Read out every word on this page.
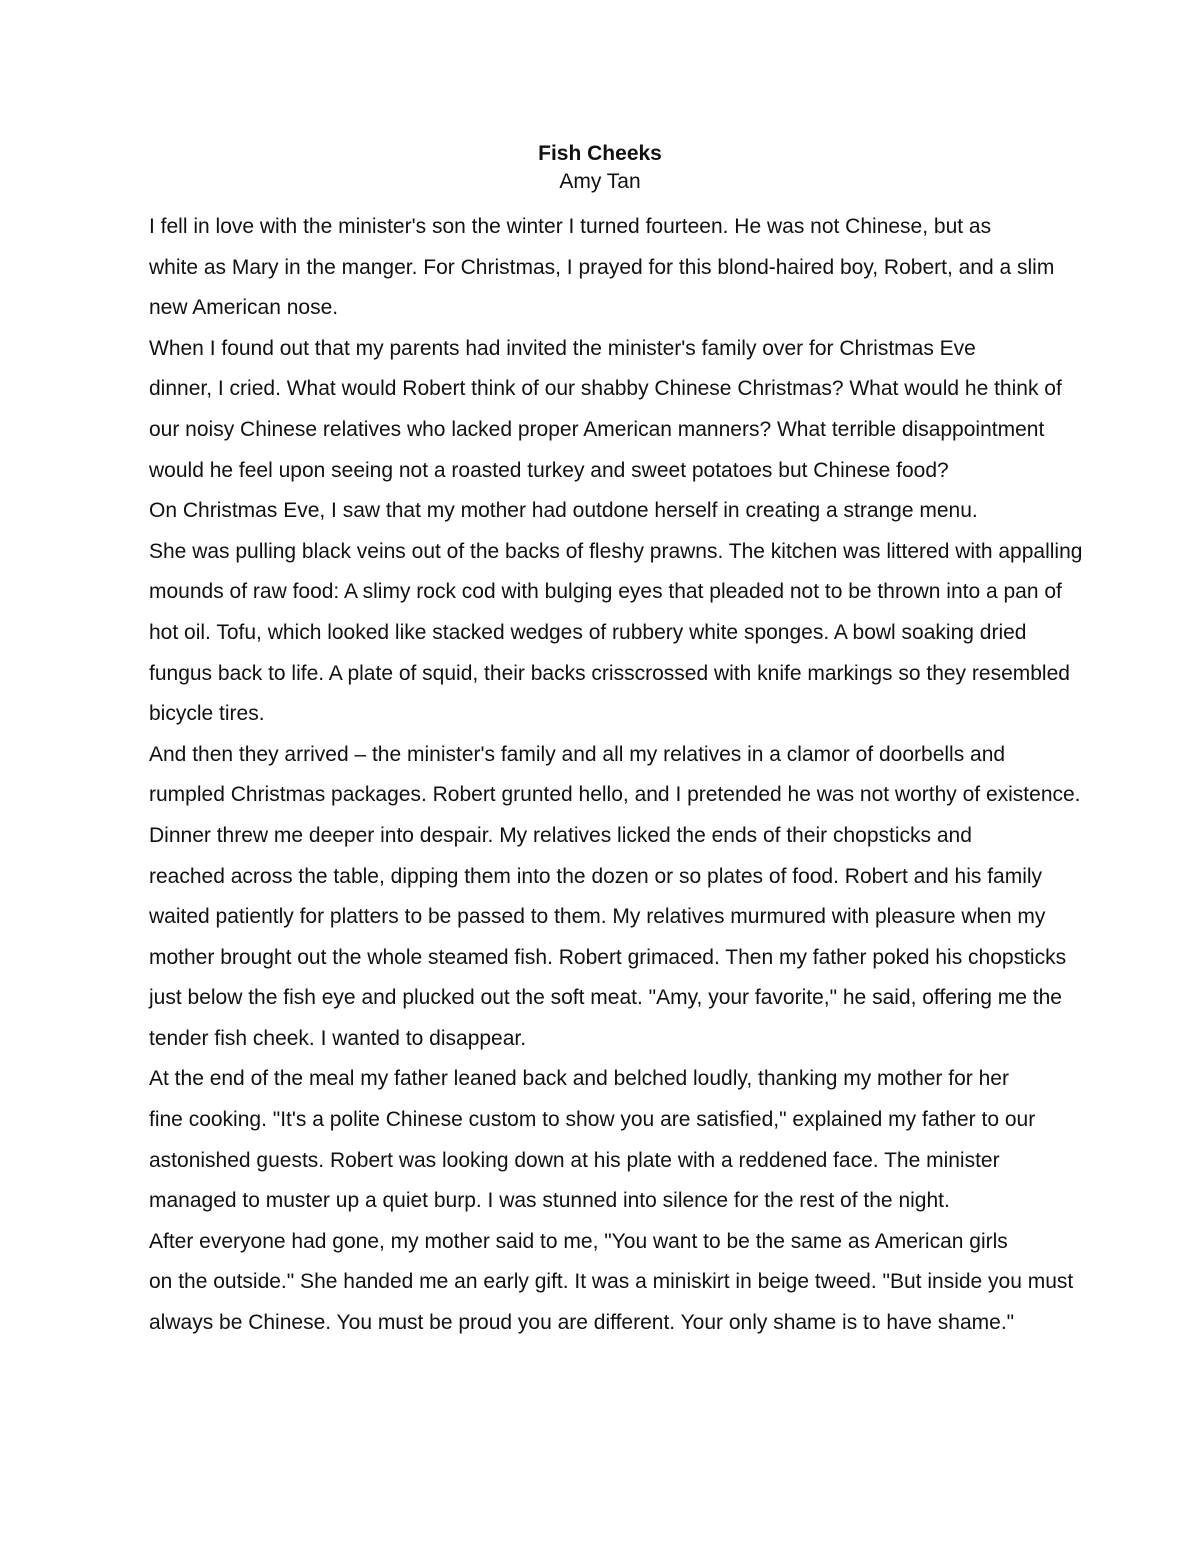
Fish Cheeks
Amy Tan

I fell in love with the minister's son the winter I turned fourteen. He was not Chinese, but as
white as Mary in the manger. For Christmas, I prayed for this blond-haired boy, Robert, and a slim
new American nose.

When I found out that my parents had invited the minister's family over for Christmas Eve
dinner, I cried. What would Robert think of our shabby Chinese Christmas? What would he think of
our noisy Chinese relatives who lacked proper American manners? What terrible disappointment
would he feel upon seeing not a roasted turkey and sweet potatoes but Chinese food?

On Christmas Eve, I saw that my mother had outdone herself in creating a strange menu.
She was pulling black veins out of the backs of fleshy prawns. The kitchen was littered with appalling
mounds of raw food: A slimy rock cod with bulging eyes that pleaded not to be thrown into a pan of
hot oil. Tofu, which looked like stacked wedges of rubbery white sponges. A bowl soaking dried
fungus back to life. A plate of squid, their backs crisscrossed with knife markings so they resembled
bicycle tires.

And then they arrived – the minister's family and all my relatives in a clamor of doorbells and
rumpled Christmas packages. Robert grunted hello, and I pretended he was not worthy of existence.

Dinner threw me deeper into despair. My relatives licked the ends of their chopsticks and
reached across the table, dipping them into the dozen or so plates of food. Robert and his family
waited patiently for platters to be passed to them. My relatives murmured with pleasure when my
mother brought out the whole steamed fish. Robert grimaced. Then my father poked his chopsticks
just below the fish eye and plucked out the soft meat. "Amy, your favorite," he said, offering me the
tender fish cheek. I wanted to disappear.

At the end of the meal my father leaned back and belched loudly, thanking my mother for her
fine cooking. "It's a polite Chinese custom to show you are satisfied," explained my father to our
astonished guests. Robert was looking down at his plate with a reddened face. The minister
managed to muster up a quiet burp. I was stunned into silence for the rest of the night.

After everyone had gone, my mother said to me, "You want to be the same as American girls
on the outside." She handed me an early gift. It was a miniskirt in beige tweed. "But inside you must
always be Chinese. You must be proud you are different. Your only shame is to have shame."
